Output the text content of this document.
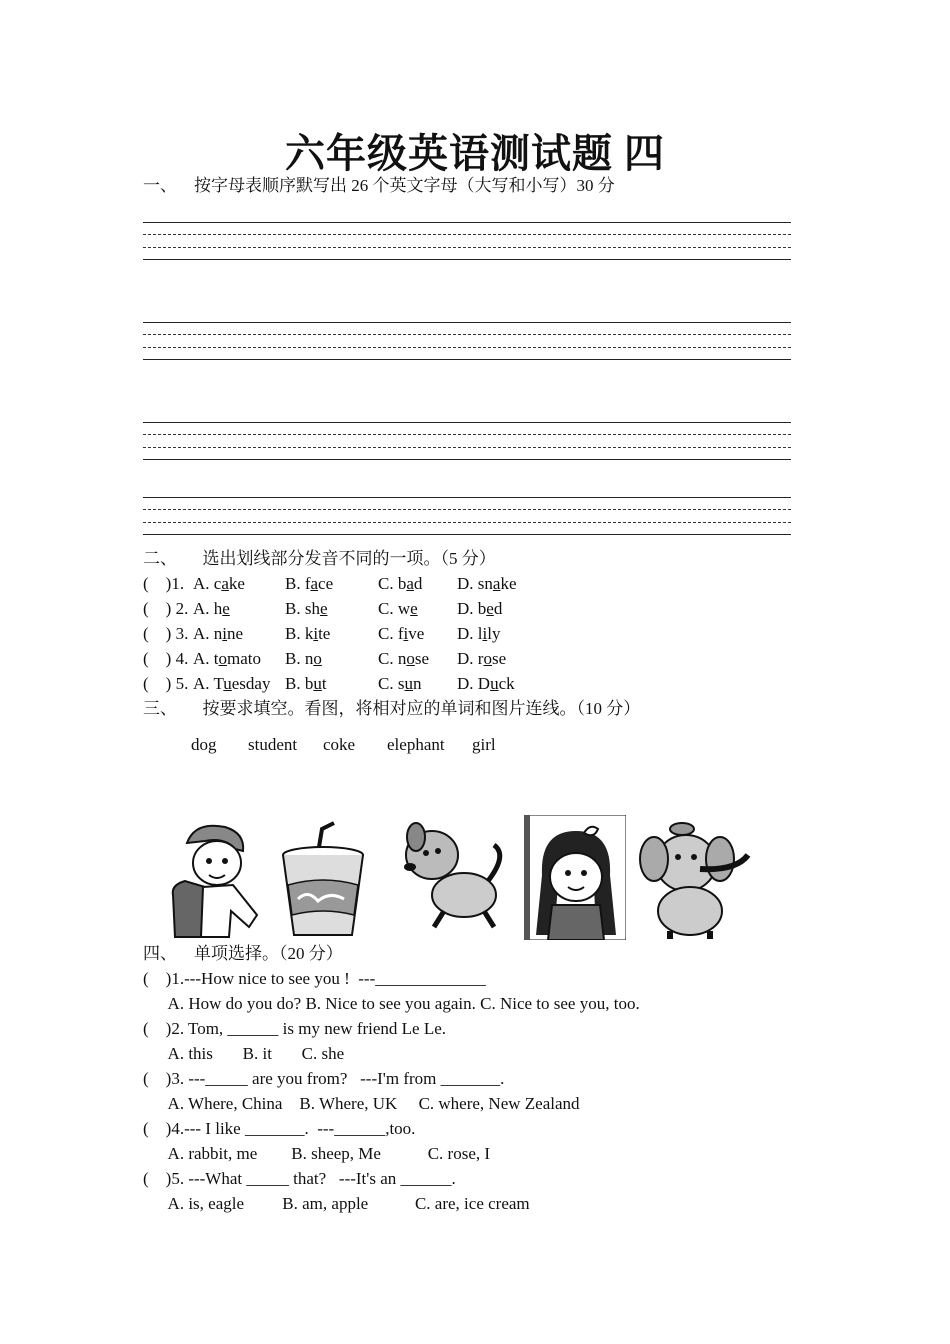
六年级英语测试题 四
一、    按字母表顺序默写出 26 个英文字母（大写和小写）30 分
二、      选出划线部分发音不同的一项。（5 分）
(    )1. A. cake B. face	C. bad D. snake
(    ) 2. A. he	B. she	C. we D. bed
(    ) 3. A. nine B. kite	C. five D. lily
(    ) 4. A. tomato B. no	C. nose D. rose
(    ) 5. A. Tuesday B. but	C. sun D. Duck
三、      按要求填空。看图，将相对应的单词和图片连线。（10 分）
dog student coke elephant girl
四、    单项选择。（20 分）
(    )1.---How nice to see you !  ---_____________
A. How do you do? B. Nice to see you again. C. Nice to see you, too.
(    )2. Tom, ______ is my new friend Le Le.
A. this       B. it       C. she
(    )3. ---_____ are you from?   ---I'm from _______.
A. Where, China    B. Where, UK     C. where, New Zealand
(    )4.--- I like _______.  ---______,too.
A. rabbit, me        B. sheep, Me           C. rose, I
(    )5. ---What _____ that?   ---It's an ______.
A. is, eagle         B. am, apple           C. are, ice cream
